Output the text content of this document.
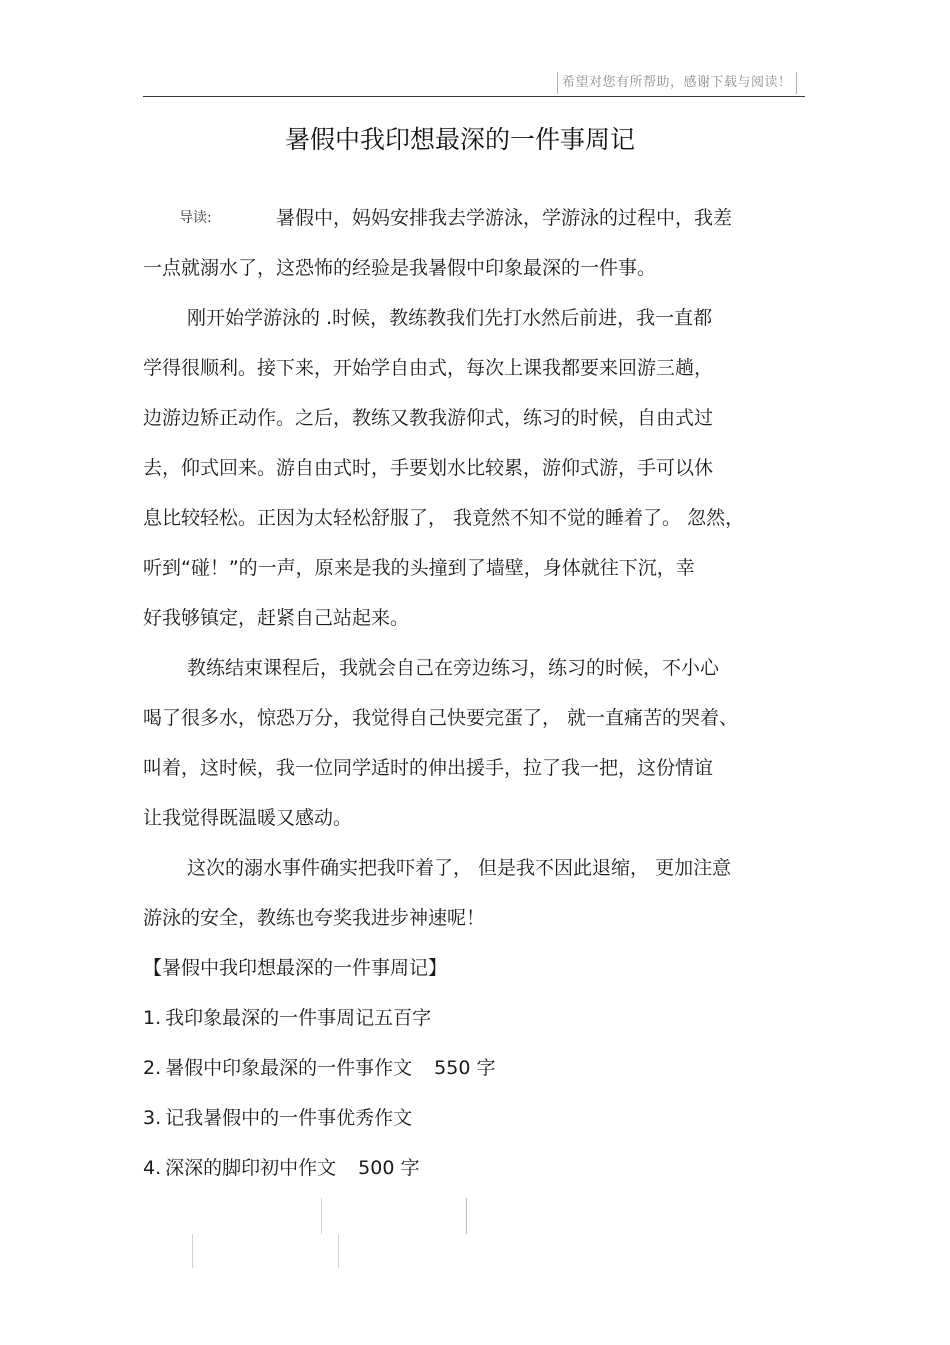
希望对您有所帮助，感谢下载与阅读！
暑假中我印想最深的一件事周记
导读:	暑假中，妈妈安排我去学游泳，学游泳的过程中，我差
一点就溺水了，这恐怖的经验是我暑假中印象最深的一件事。
刚开始学游泳的 .时候，教练教我们先打水然后前进，我一直都
学得很顺利。接下来，开始学自由式，每次上课我都要来回游三趟，
边游边矫正动作。之后，教练又教我游仰式，练习的时候，自由式过
去，仰式回来。游自由式时，手要划水比较累，游仰式游，手可以休
息比较轻松。正因为太轻松舒服了， 我竟然不知不觉的睡着了。 忽然，
听到“碰！”的一声，原来是我的头撞到了墙壁，身体就往下沉，幸
好我够镇定，赶紧自己站起来。
教练结束课程后，我就会自己在旁边练习，练习的时候，不小心
喝了很多水，惊恐万分，我觉得自己快要完蛋了， 就一直痛苦的哭着、
叫着，这时候，我一位同学适时的伸出援手，拉了我一把，这份情谊
让我觉得既温暖又感动。
这次的溺水事件确实把我吓着了， 但是我不因此退缩， 更加注意
游泳的安全，教练也夸奖我进步神速呢！
【暑假中我印想最深的一件事周记】
1. 我印象最深的一件事周记五百字
2. 暑假中印象最深的一件事作文 550 字
3. 记我暑假中的一件事优秀作文
4. 深深的脚印初中作文 500 字
